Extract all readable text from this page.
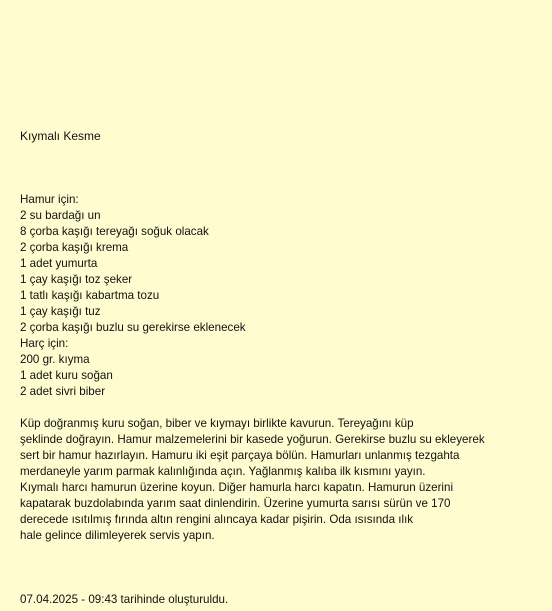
Kıymalı Kesme
Hamur için:
2 su bardağı un
8 çorba kaşığı tereyağı soğuk olacak
2 çorba kaşığı krema
1 adet yumurta
1 çay kaşığı toz şeker
1 tatlı kaşığı kabartma tozu
1 çay kaşığı tuz
2 çorba kaşığı buzlu su gerekirse eklenecek
Harç için:
200 gr. kıyma
1 adet kuru soğan
2 adet sivri biber
Küp doğranmış kuru soğan, biber ve kıymayı birlikte kavurun. Tereyağını küp
şeklinde doğrayın. Hamur malzemelerini bir kasede yoğurun. Gerekirse buzlu su ekleyerek
sert bir hamur hazırlayın. Hamuru iki eşit parçaya bölün. Hamurları unlanmış tezgahta
merdaneyle yarım parmak kalınlığında açın. Yağlanmış kalıba ilk kısmını yayın.
Kıymalı harcı hamurun üzerine koyun. Diğer hamurla harcı kapatın. Hamurun üzerini
kapatarak buzdolabında yarım saat dinlendirin. Üzerine yumurta sarısı sürün ve 170
derecede ısıtılmış fırında altın rengini alıncaya kadar pişirin. Oda ısısında ılık
hale gelince dilimleyerek servis yapın.
07.04.2025 - 09:43 tarihinde oluşturuldu.
